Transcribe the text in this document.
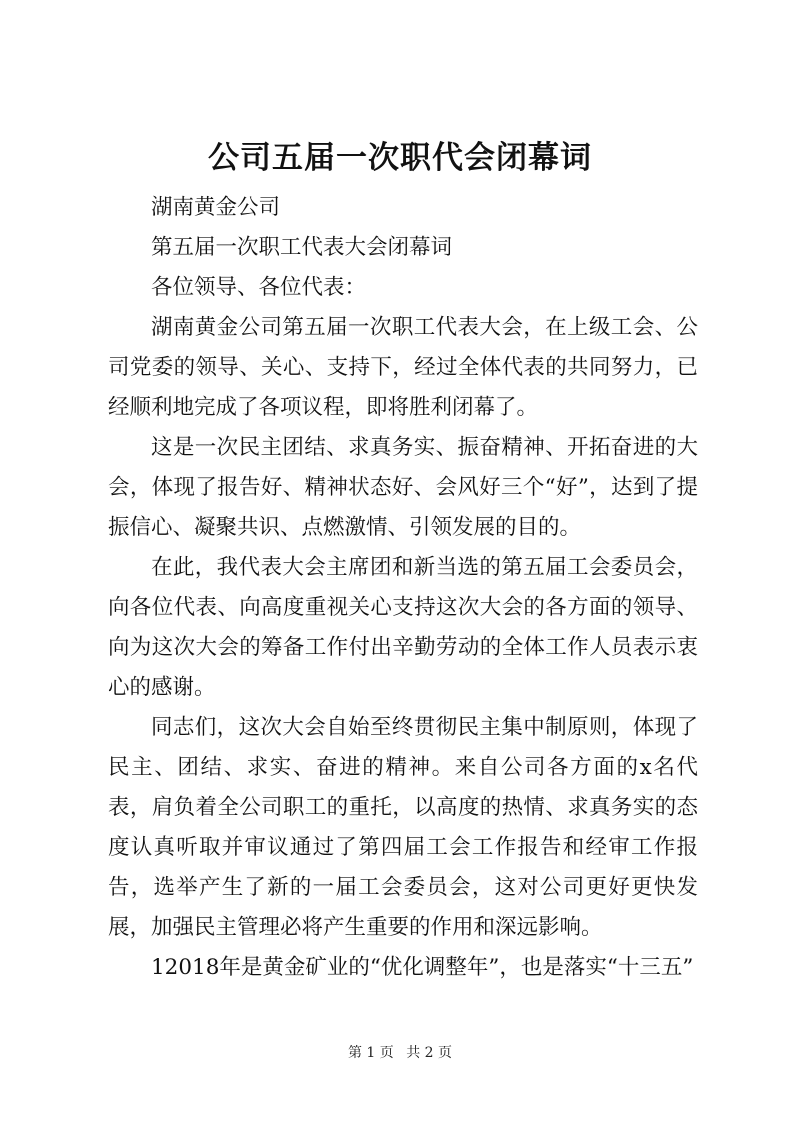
公司五届一次职代会闭幕词

湖南黄金公司

第五届一次职工代表大会闭幕词

各位领导、各位代表：

湖南黄金公司第五届一次职工代表大会，在上级工会、公司党委的领导、关心、支持下，经过全体代表的共同努力，已经顺利地完成了各项议程，即将胜利闭幕了。

这是一次民主团结、求真务实、振奋精神、开拓奋进的大会，体现了报告好、精神状态好、会风好三个“好”，达到了提振信心、凝聚共识、点燃激情、引领发展的目的。

在此，我代表大会主席团和新当选的第五届工会委员会，向各位代表、向高度重视关心支持这次大会的各方面的领导、向为这次大会的筹备工作付出辛勤劳动的全体工作人员表示衷心的感谢。

同志们，这次大会自始至终贯彻民主集中制原则，体现了民主、团结、求实、奋进的精神。来自公司各方面的x名代表，肩负着全公司职工的重托，以高度的热情、求真务实的态度认真听取并审议通过了第四届工会工作报告和经审工作报告，选举产生了新的一届工会委员会，这对公司更好更快发展，加强民主管理必将产生重要的作用和深远影响。

12018年是黄金矿业的“优化调整年”，也是落实“十三五”

第 1 页 共 2 页
